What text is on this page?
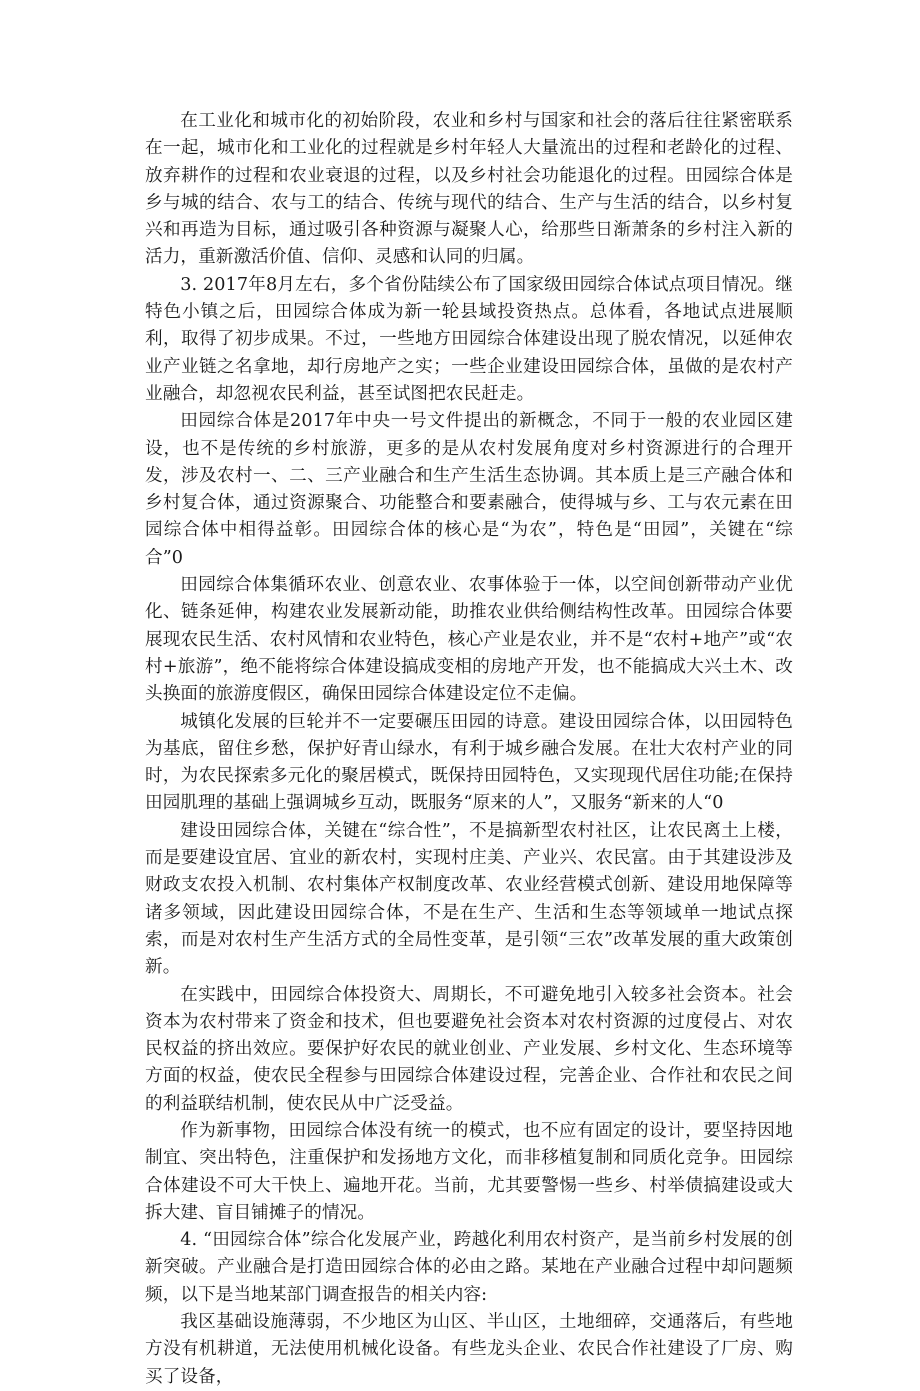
在工业化和城市化的初始阶段，农业和乡村与国家和社会的落后往往紧密联系在一起，城市化和工业化的过程就是乡村年轻人大量流出的过程和老龄化的过程、放弃耕作的过程和农业衰退的过程，以及乡村社会功能退化的过程。田园综合体是乡与城的结合、农与工的结合、传统与现代的结合、生产与生活的结合，以乡村复兴和再造为目标，通过吸引各种资源与凝聚人心，给那些日渐萧条的乡村注入新的活力，重新激活价值、信仰、灵感和认同的归属。

3. 2017年8月左右，多个省份陆续公布了国家级田园综合体试点项目情况。继特色小镇之后，田园综合体成为新一轮县域投资热点。总体看，各地试点进展顺利，取得了初步成果。不过，一些地方田园综合体建设出现了脱农情况，以延伸农业产业链之名拿地，却行房地产之实；一些企业建设田园综合体，虽做的是农村产业融合，却忽视农民利益，甚至试图把农民赶走。

田园综合体是2017年中央一号文件提出的新概念，不同于一般的农业园区建设，也不是传统的乡村旅游，更多的是从农村发展角度对乡村资源进行的合理开发，涉及农村一、二、三产业融合和生产生活生态协调。其本质上是三产融合体和乡村复合体，通过资源聚合、功能整合和要素融合，使得城与乡、工与农元素在田园综合体中相得益彰。田园综合体的核心是“为农”，特色是“田园”，关键在“综合”0

田园综合体集循环农业、创意农业、农事体验于一体，以空间创新带动产业优化、链条延伸，构建农业发展新动能，助推农业供给侧结构性改革。田园综合体要展现农民生活、农村风情和农业特色，核心产业是农业，并不是“农村+地产”或“农村+旅游”，绝不能将综合体建设搞成变相的房地产开发，也不能搞成大兴土木、改头换面的旅游度假区，确保田园综合体建设定位不走偏。

城镇化发展的巨轮并不一定要碾压田园的诗意。建设田园综合体，以田园特色为基底，留住乡愁，保护好青山绿水，有利于城乡融合发展。在壮大农村产业的同时，为农民探索多元化的聚居模式，既保持田园特色，又实现现代居住功能;在保持田园肌理的基础上强调城乡互动，既服务“原来的人”，又服务“新来的人“0

建设田园综合体，关键在“综合性”，不是搞新型农村社区，让农民离土上楼，而是要建设宜居、宜业的新农村，实现村庄美、产业兴、农民富。由于其建设涉及财政支农投入机制、农村集体产权制度改革、农业经营模式创新、建设用地保障等诸多领域，因此建设田园综合体，不是在生产、生活和生态等领域单一地试点探索，而是对农村生产生活方式的全局性变革，是引领“三农”改革发展的重大政策创新。

在实践中，田园综合体投资大、周期长，不可避免地引入较多社会资本。社会资本为农村带来了资金和技术，但也要避免社会资本对农村资源的过度侵占、对农民权益的挤出效应。要保护好农民的就业创业、产业发展、乡村文化、生态环境等方面的权益，使农民全程参与田园综合体建设过程，完善企业、合作社和农民之间的利益联结机制，使农民从中广泛受益。

作为新事物，田园综合体没有统一的模式，也不应有固定的设计，要坚持因地制宜、突出特色，注重保护和发扬地方文化，而非移植复制和同质化竞争。田园综合体建设不可大干快上、遍地开花。当前，尤其要警惕一些乡、村举债搞建设或大拆大建、盲目铺摊子的情况。

4. “田园综合体”综合化发展产业，跨越化利用农村资产，是当前乡村发展的创新突破。产业融合是打造田园综合体的必由之路。某地在产业融合过程中却问题频频，以下是当地某部门调查报告的相关内容:

我区基础设施薄弱，不少地区为山区、半山区，土地细碎，交通落后，有些地方没有机耕道，无法使用机械化设备。有些龙头企业、农民合作社建设了厂房、购买了设备，
